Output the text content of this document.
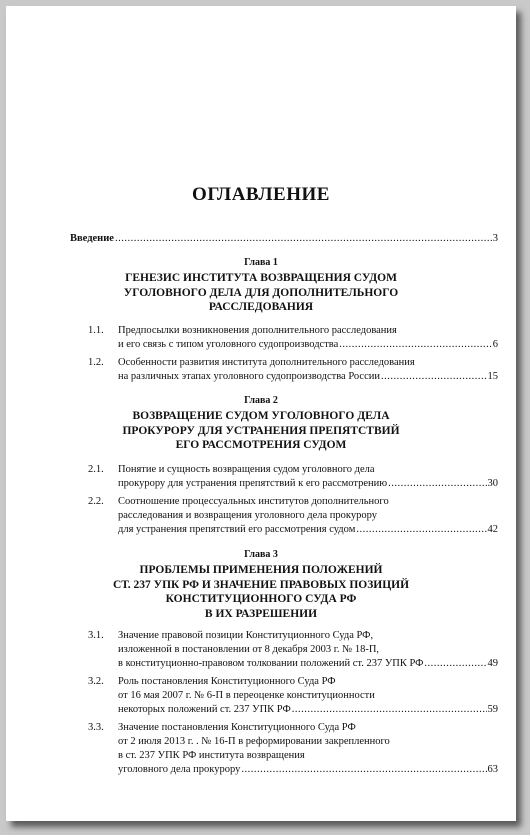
ОГЛАВЛЕНИЕ
Введение .....	3
Глава 1
ГЕНЕЗИС ИНСТИТУТА ВОЗВРАЩЕНИЯ СУДОМ
УГОЛОВНОГО ДЕЛА ДЛЯ ДОПОЛНИТЕЛЬНОГО
РАССЛЕДОВАНИЯ
1.1. Предпосылки возникновения дополнительного расследования
и его связь с типом уголовного судопроизводства .....	6
1.2. Особенности развития института дополнительного расследования
на различных этапах уголовного судопроизводства России .....	15
Глава 2
ВОЗВРАЩЕНИЕ СУДОМ УГОЛОВНОГО ДЕЛА
ПРОКУРОРУ ДЛЯ УСТРАНЕНИЯ ПРЕПЯТСТВИЙ
ЕГО РАССМОТРЕНИЯ СУДОМ
2.1. Понятие и сущность возвращения судом уголовного дела
прокурору для устранения препятствий к его рассмотрению .....	30
2.2. Соотношение процессуальных институтов дополнительного
расследования и возвращения уголовного дела прокурору
для устранения препятствий его рассмотрения судом .....	42
Глава 3
ПРОБЛЕМЫ ПРИМЕНЕНИЯ ПОЛОЖЕНИЙ
СТ. 237 УПК РФ И ЗНАЧЕНИЕ ПРАВОВЫХ ПОЗИЦИЙ
КОНСТИТУЦИОННОГО СУДА РФ
В ИХ РАЗРЕШЕНИИ
3.1. Значение правовой позиции Конституционного Суда РФ,
изложенной в постановлении от 8 декабря 2003 г. № 18-П,
в конституционно-правовом толковании положений ст. 237 УПК РФ .....	49
3.2. Роль постановления Конституционного Суда РФ
от 16 мая 2007 г. № 6-П в переоценке конституционности
некоторых положений ст. 237 УПК РФ .....	59
3.3. Значение постановления Конституционного Суда РФ
от 2 июля 2013 г. . № 16-П в реформировании закрепленного
в ст. 237 УПК РФ института возвращения
уголовного дела прокурору .....	63
